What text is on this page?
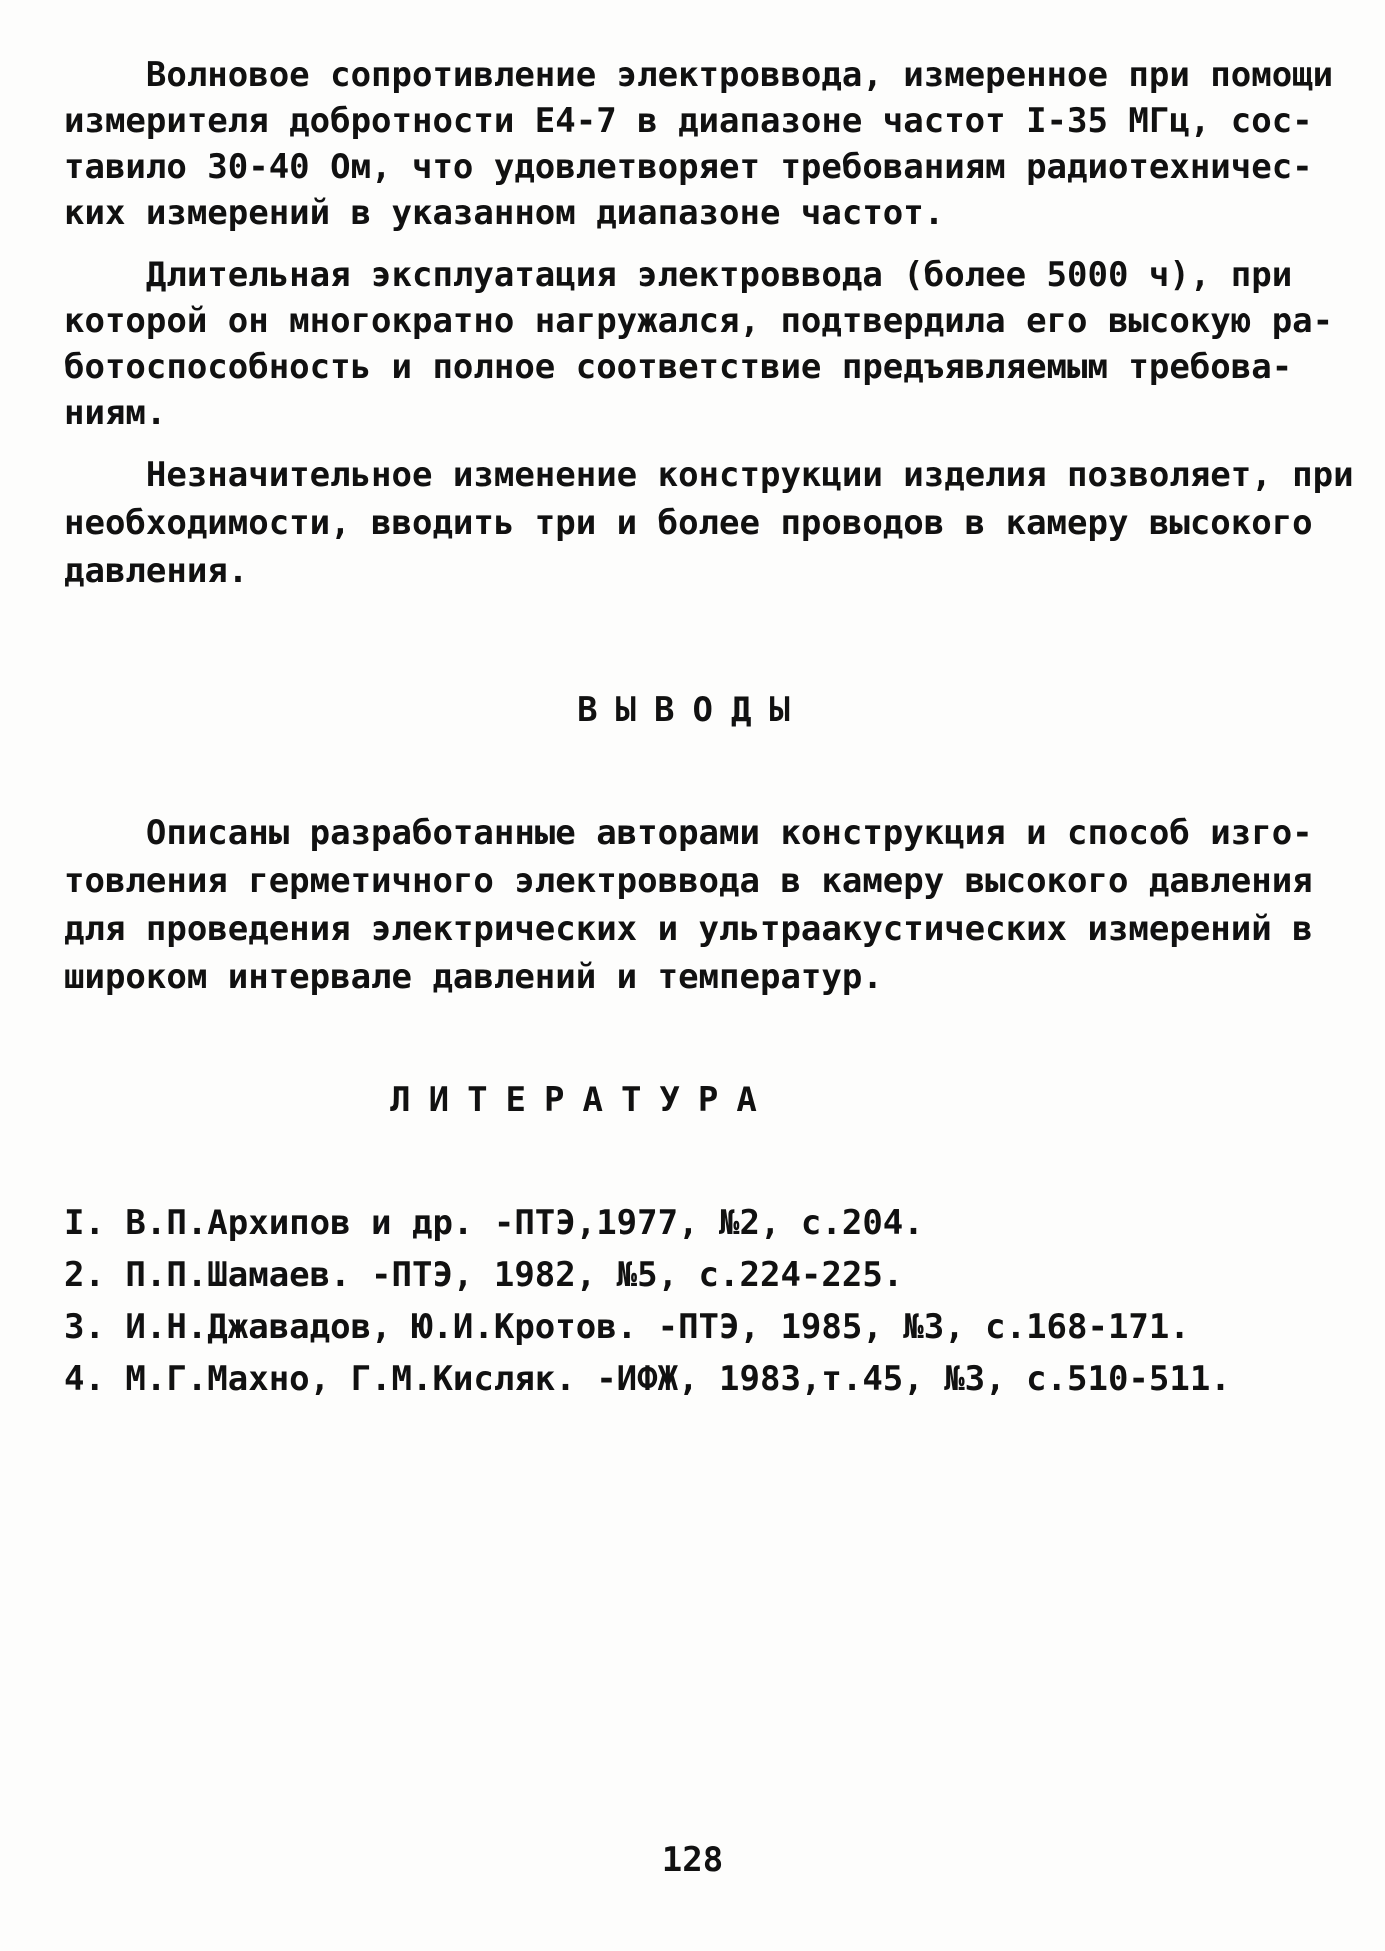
Волновое сопротивление электроввода, измеренное при помощи
измерителя добротности Е4-7 в диапазоне частот I-35 МГц, сос-
тавило 30-40 Ом, что удовлетворяет требованиям радиотехничес-
ких измерений в указанном диапазоне частот.
Длительная эксплуатация электроввода (более 5000 ч), при
которой он многократно нагружался, подтвердила его высокую ра-
ботоспособность и полное соответствие предъявляемым требова-
ниям.
Незначительное изменение конструкции изделия позволяет, при
необходимости, вводить три и более проводов в камеру высокого
давления.
ВЫВОДЫ
Описаны разработанные авторами конструкция и способ изго-
товления герметичного электроввода в камеру высокого давления
для проведения электрических и ультраакустических измерений в
широком интервале давлений и температур.
ЛИТЕРАТУРА
I. В.П.Архипов и др. -ПТЭ,1977, №2, с.204.
2. П.П.Шамаев. -ПТЭ, 1982, №5, с.224-225.
3. И.Н.Джавадов, Ю.И.Кротов. -ПТЭ, 1985, №3, с.168-171.
4. М.Г.Махно, Г.М.Кисляк. -ИФЖ, 1983,т.45, №3, с.510-511.
128
